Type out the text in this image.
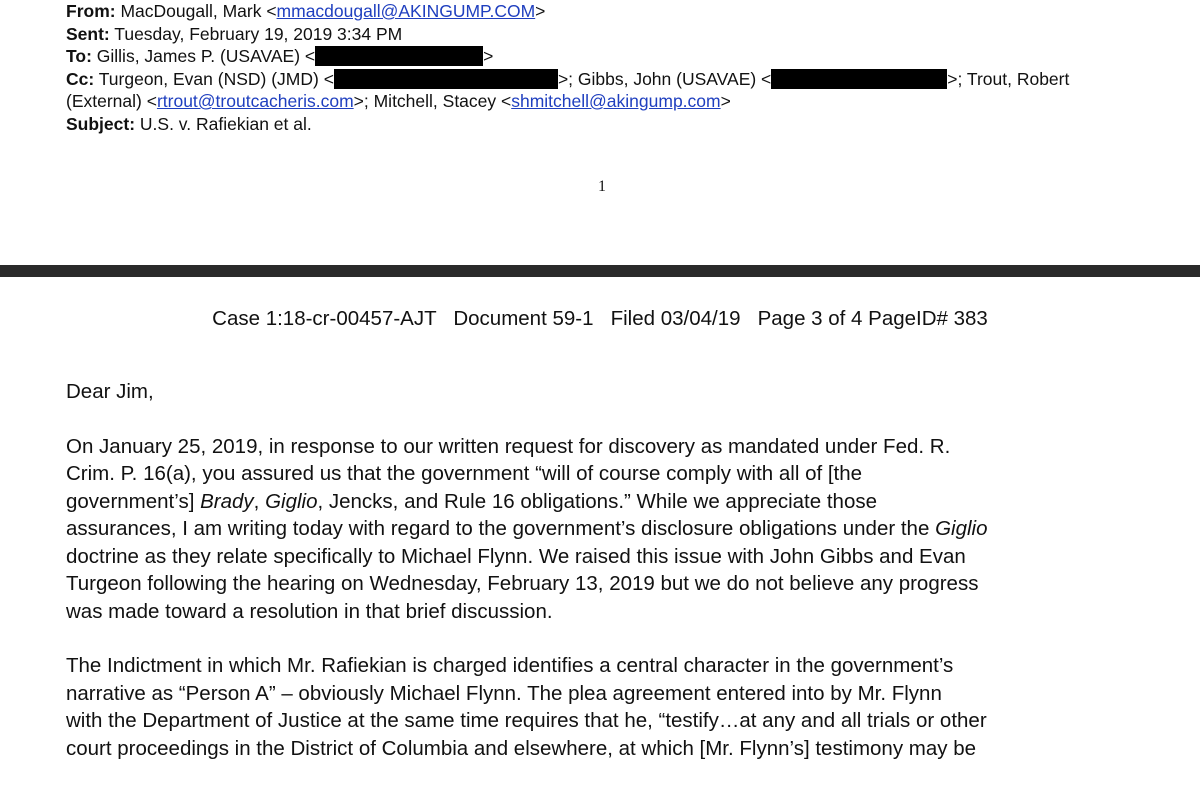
From: MacDougall, Mark <mmacdougall@AKINGUMP.COM>
Sent: Tuesday, February 19, 2019 3:34 PM
To: Gillis, James P. (USAVAE) <	>
Cc: Turgeon, Evan (NSD) (JMD) <	>; Gibbs, John (USAVAE) <	>; Trout, Robert
(External) <rtrout@troutcacheris.com>; Mitchell, Stacey <shmitchell@akingump.com>
Subject: U.S. v. Rafiekian et al.
1
Case 1:18-cr-00457-AJT   Document 59-1   Filed 03/04/19   Page 3 of 4 PageID# 383

Dear Jim,

On January 25, 2019, in response to our written request for discovery as mandated under Fed. R.
Crim. P. 16(a), you assured us that the government “will of course comply with all of [the
government’s] Brady, Giglio, Jencks, and Rule 16 obligations.” While we appreciate those
assurances, I am writing today with regard to the government’s disclosure obligations under the Giglio
doctrine as they relate specifically to Michael Flynn. We raised this issue with John Gibbs and Evan
Turgeon following the hearing on Wednesday, February 13, 2019 but we do not believe any progress
was made toward a resolution in that brief discussion.

The Indictment in which Mr. Rafiekian is charged identifies a central character in the government’s
narrative as “Person A” – obviously Michael Flynn. The plea agreement entered into by Mr. Flynn
with the Department of Justice at the same time requires that he, “testify…at any and all trials or other
court proceedings in the District of Columbia and elsewhere, at which [Mr. Flynn’s] testimony may be
